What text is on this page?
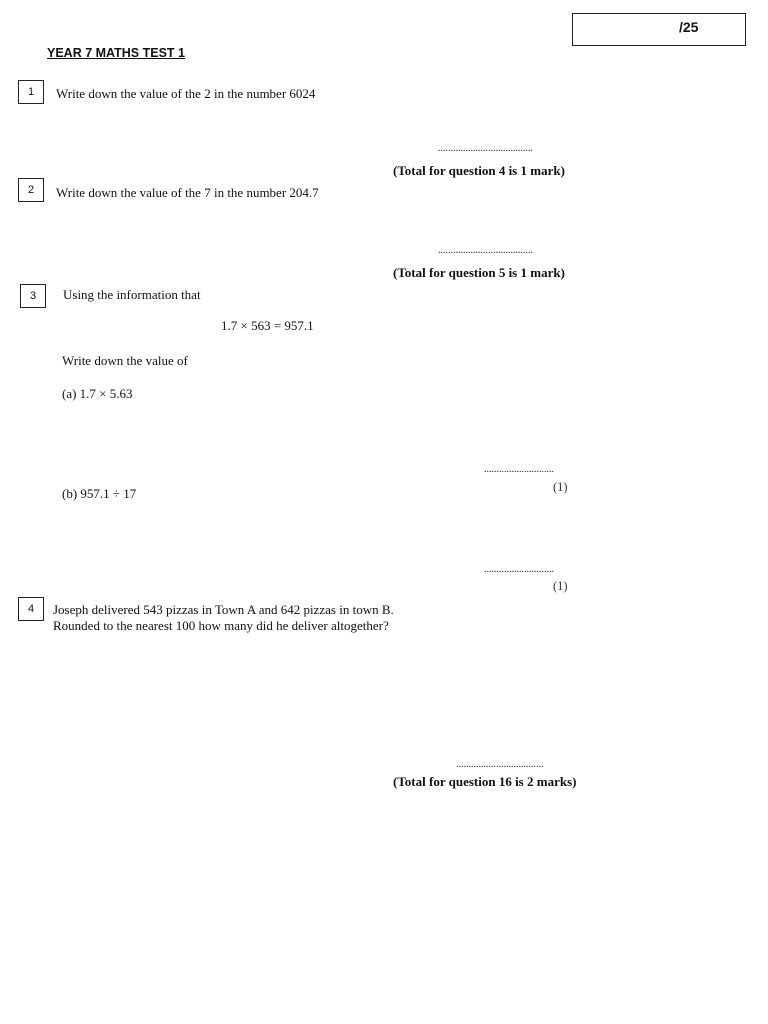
/25
YEAR 7 MATHS TEST 1
1	Write down the value of the 2 in the number 6024
......................................
(Total for question 4 is 1 mark)
2	Write down the value of the 7 in the number 204.7
......................................
(Total for question 5 is 1 mark)
3	Using the information that
1.7 × 563 = 957.1
Write down the value of
(a) 1.7 × 5.63
............................
(1)
(b) 957.1 ÷ 17
............................
(1)
4	Joseph delivered 543 pizzas in Town A and 642 pizzas in town B.
Rounded to the nearest 100 how many did he deliver altogether?
...................................
(Total for question 16 is 2 marks)
